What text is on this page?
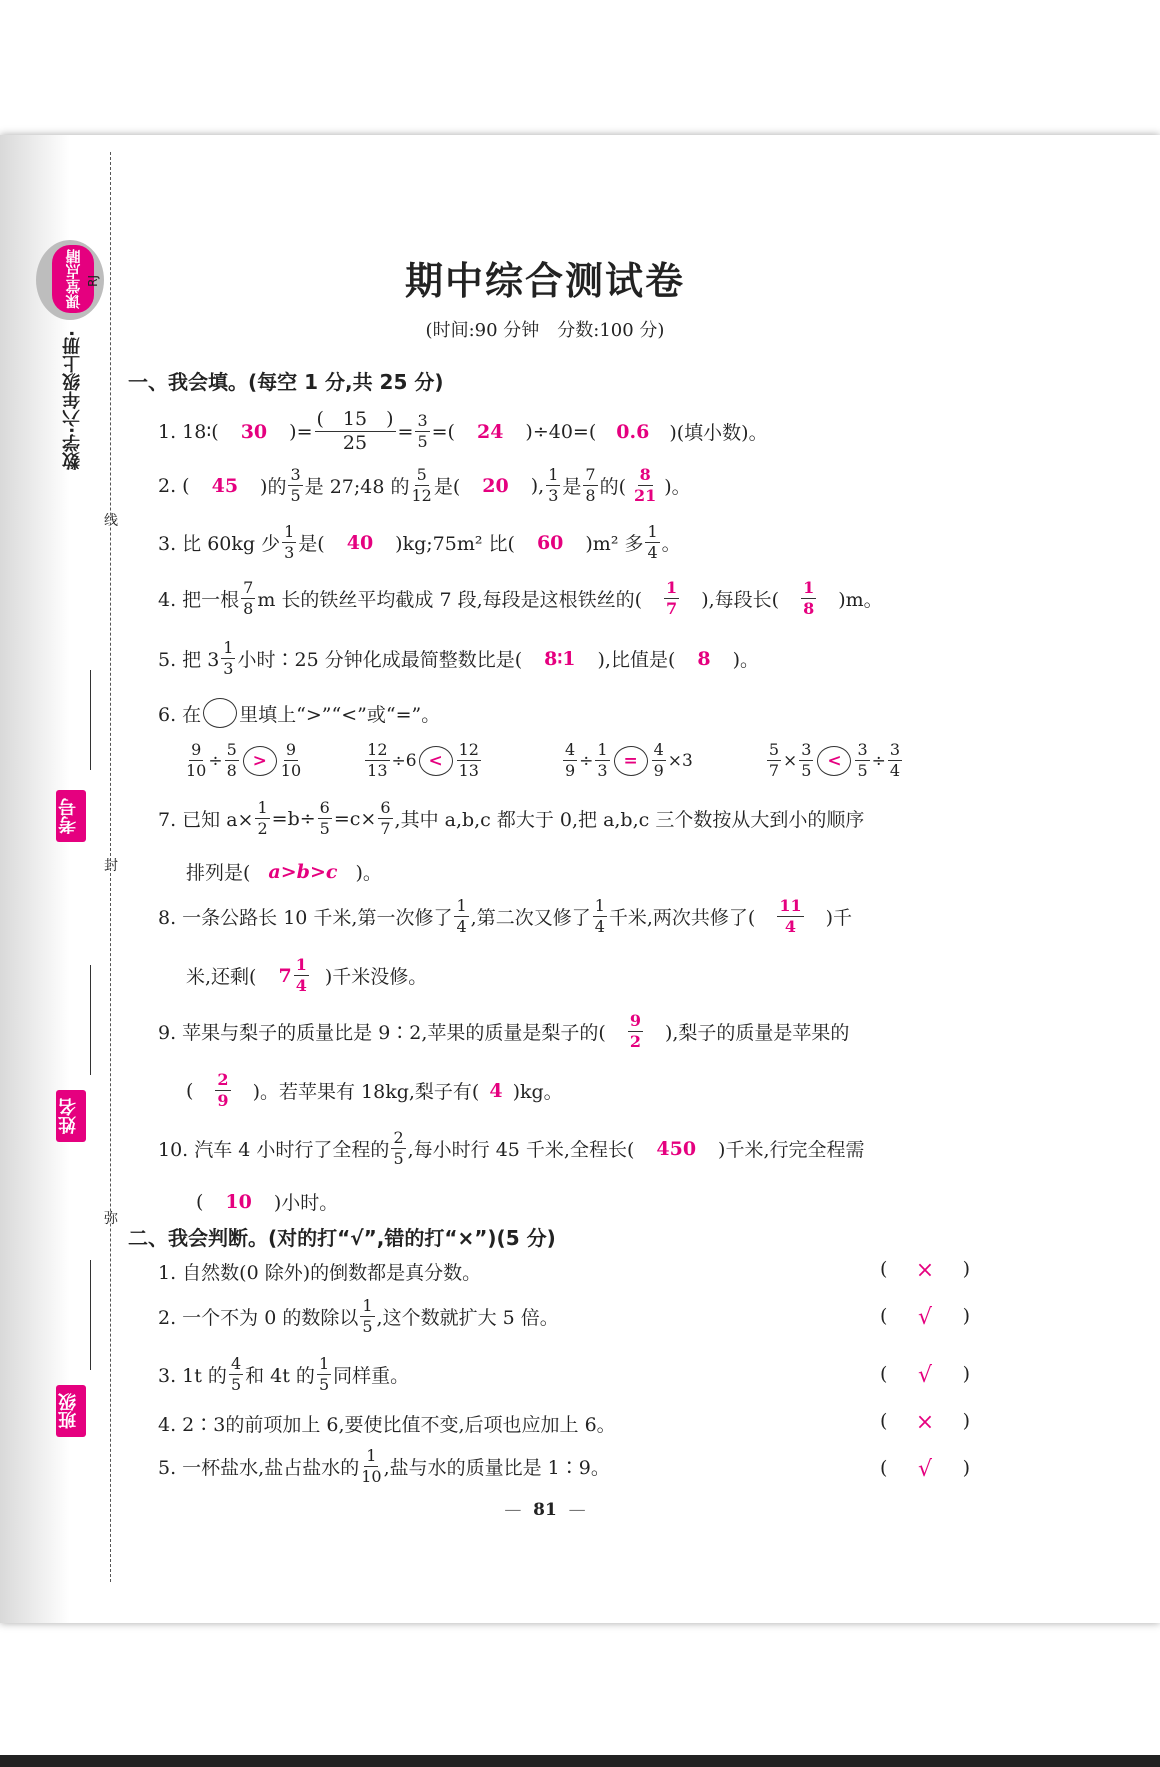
课堂点睛 RJ
数学·六年级上册·
线
封
弥
考号
姓名
班级
期中综合测试卷
(时间:90 分钟　分数:100 分)
一、我会填。(每空 1 分,共 25 分)
1. 18∶( 30 )= $\frac{( 15 )}{25} = \frac{3}{5}$ =( 24 )÷40=( 0.6 )(填小数)。
2. ( 45 )的 $\frac{3}{5}$ 是 27;48 的 $\frac{5}{12}$ 是( 20 ), $\frac{1}{3}$ 是 $\frac{7}{8}$ 的( $\frac{8}{21}$ )。
3. 比 60kg 少 $\frac{1}{3}$ 是( 40 )kg;75m² 比( 60 )m² 多 $\frac{1}{4}$ 。
4. 把一根 $\frac{7}{8}$ m 长的铁丝平均截成 7 段,每段是这根铁丝的( $\frac{1}{7}$ ),每段长( $\frac{1}{8} )m$。
5. 把 $3 \frac{1}{3}$ 小时∶25 分钟化成最简整数比是( 8∶1 ),比值是( 8 )。
6. 在 里填上“>”“<”或“=”。
$\frac{9}{10} \div \frac{5}{8} > \frac{9}{10}$	$\frac{12}{13} \div 6 < \frac{12}{13}$	$\frac{4}{9} \div \frac{1}{3} = \frac{4}{9} \times 3$	$\frac{5}{7} \times \frac{3}{5} < \frac{3}{5} \div \frac{3}{4}$
7. 已知 $a\times \frac{1}{2} =b\div \frac{6}{5} =c\times \frac{6}{7}$ ,其中 a,b,c 都大于 0,把 a,b,c 三个数按从大到小的顺序
排列是( a>b>c )。
8. 一条公路长 10 千米,第一次修了 $\frac{1}{4}$ ,第二次又修了 $\frac{1}{4}$ 千米,两次共修了( $\frac{11}{4}$ )千
米,还剩( $7 \frac{1}{4}$ )千米没修。
9. 苹果与梨子的质量比是 9∶2,苹果的质量是梨子的( $\frac{9}{2}$ ),梨子的质量是苹果的
( $\frac{2}{9}$ )。若苹果有 18kg,梨子有( 4 )kg。
10. 汽车 4 小时行了全程的 $\frac{2}{5}$ ,每小时行 45 千米,全程长( 450 )千米,行完全程需
( 10 )小时。
二、我会判断。(对的打“√”,错的打“×”)(5 分)
1. 自然数(0 除外)的倒数都是真分数。	( × )
2. 一个不为 0 的数除以 $\frac{1}{5}$ ,这个数就扩大 5 倍。	( √ )
3. 1t 的 $\frac{4}{5}$ 和 4t 的 $\frac{1}{5}$ 同样重。	( √ )
4. 2∶3的前项加上 6,要使比值不变,后项也应加上 6。	( × )
5. 一杯盐水,盐占盐水的 $\frac{1}{10}$ ,盐与水的质量比是 1∶9。	( √ )
— 81 —
